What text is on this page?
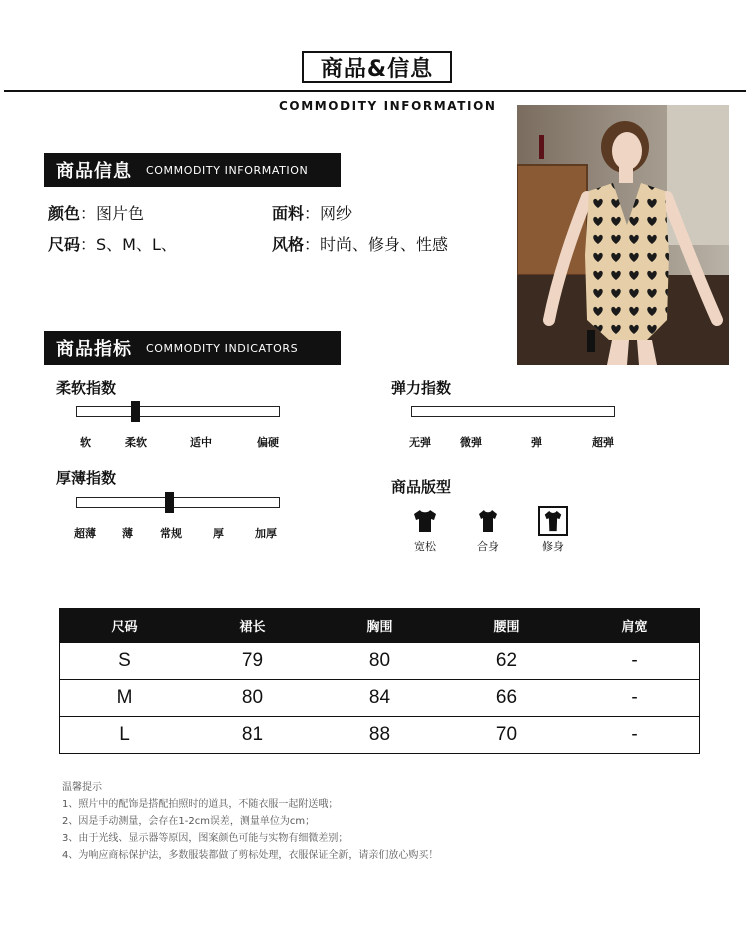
商品&信息
COMMODITY INFORMATION
商品信息 COMMODITY INFORMATION
颜色：图片色
尺码：S、M、L、
面料：网纱
风格：时尚、修身、性感
商品指标 COMMODITY INDICATORS
柔软指数
软	柔软	适中	偏硬
弹力指数
无弹	微弹	弹	超弹
厚薄指数
超薄 薄 常规	厚	加厚
商品版型
宽松	合身	修身
尺码	裙长	胸围	腰围	肩宽
S	79	80	62	-
M	80	84	66	-
L	81	88	70	-
温馨提示
1、照片中的配饰是搭配拍照时的道具，不随衣服一起附送哦；
2、因是手动测量，会存在1-2cm误差，测量单位为cm；
3、由于光线、显示器等原因，图案颜色可能与实物有细微差别；
4、为响应商标保护法，多数服装都做了剪标处理，衣服保证全新，请亲们放心购买！
